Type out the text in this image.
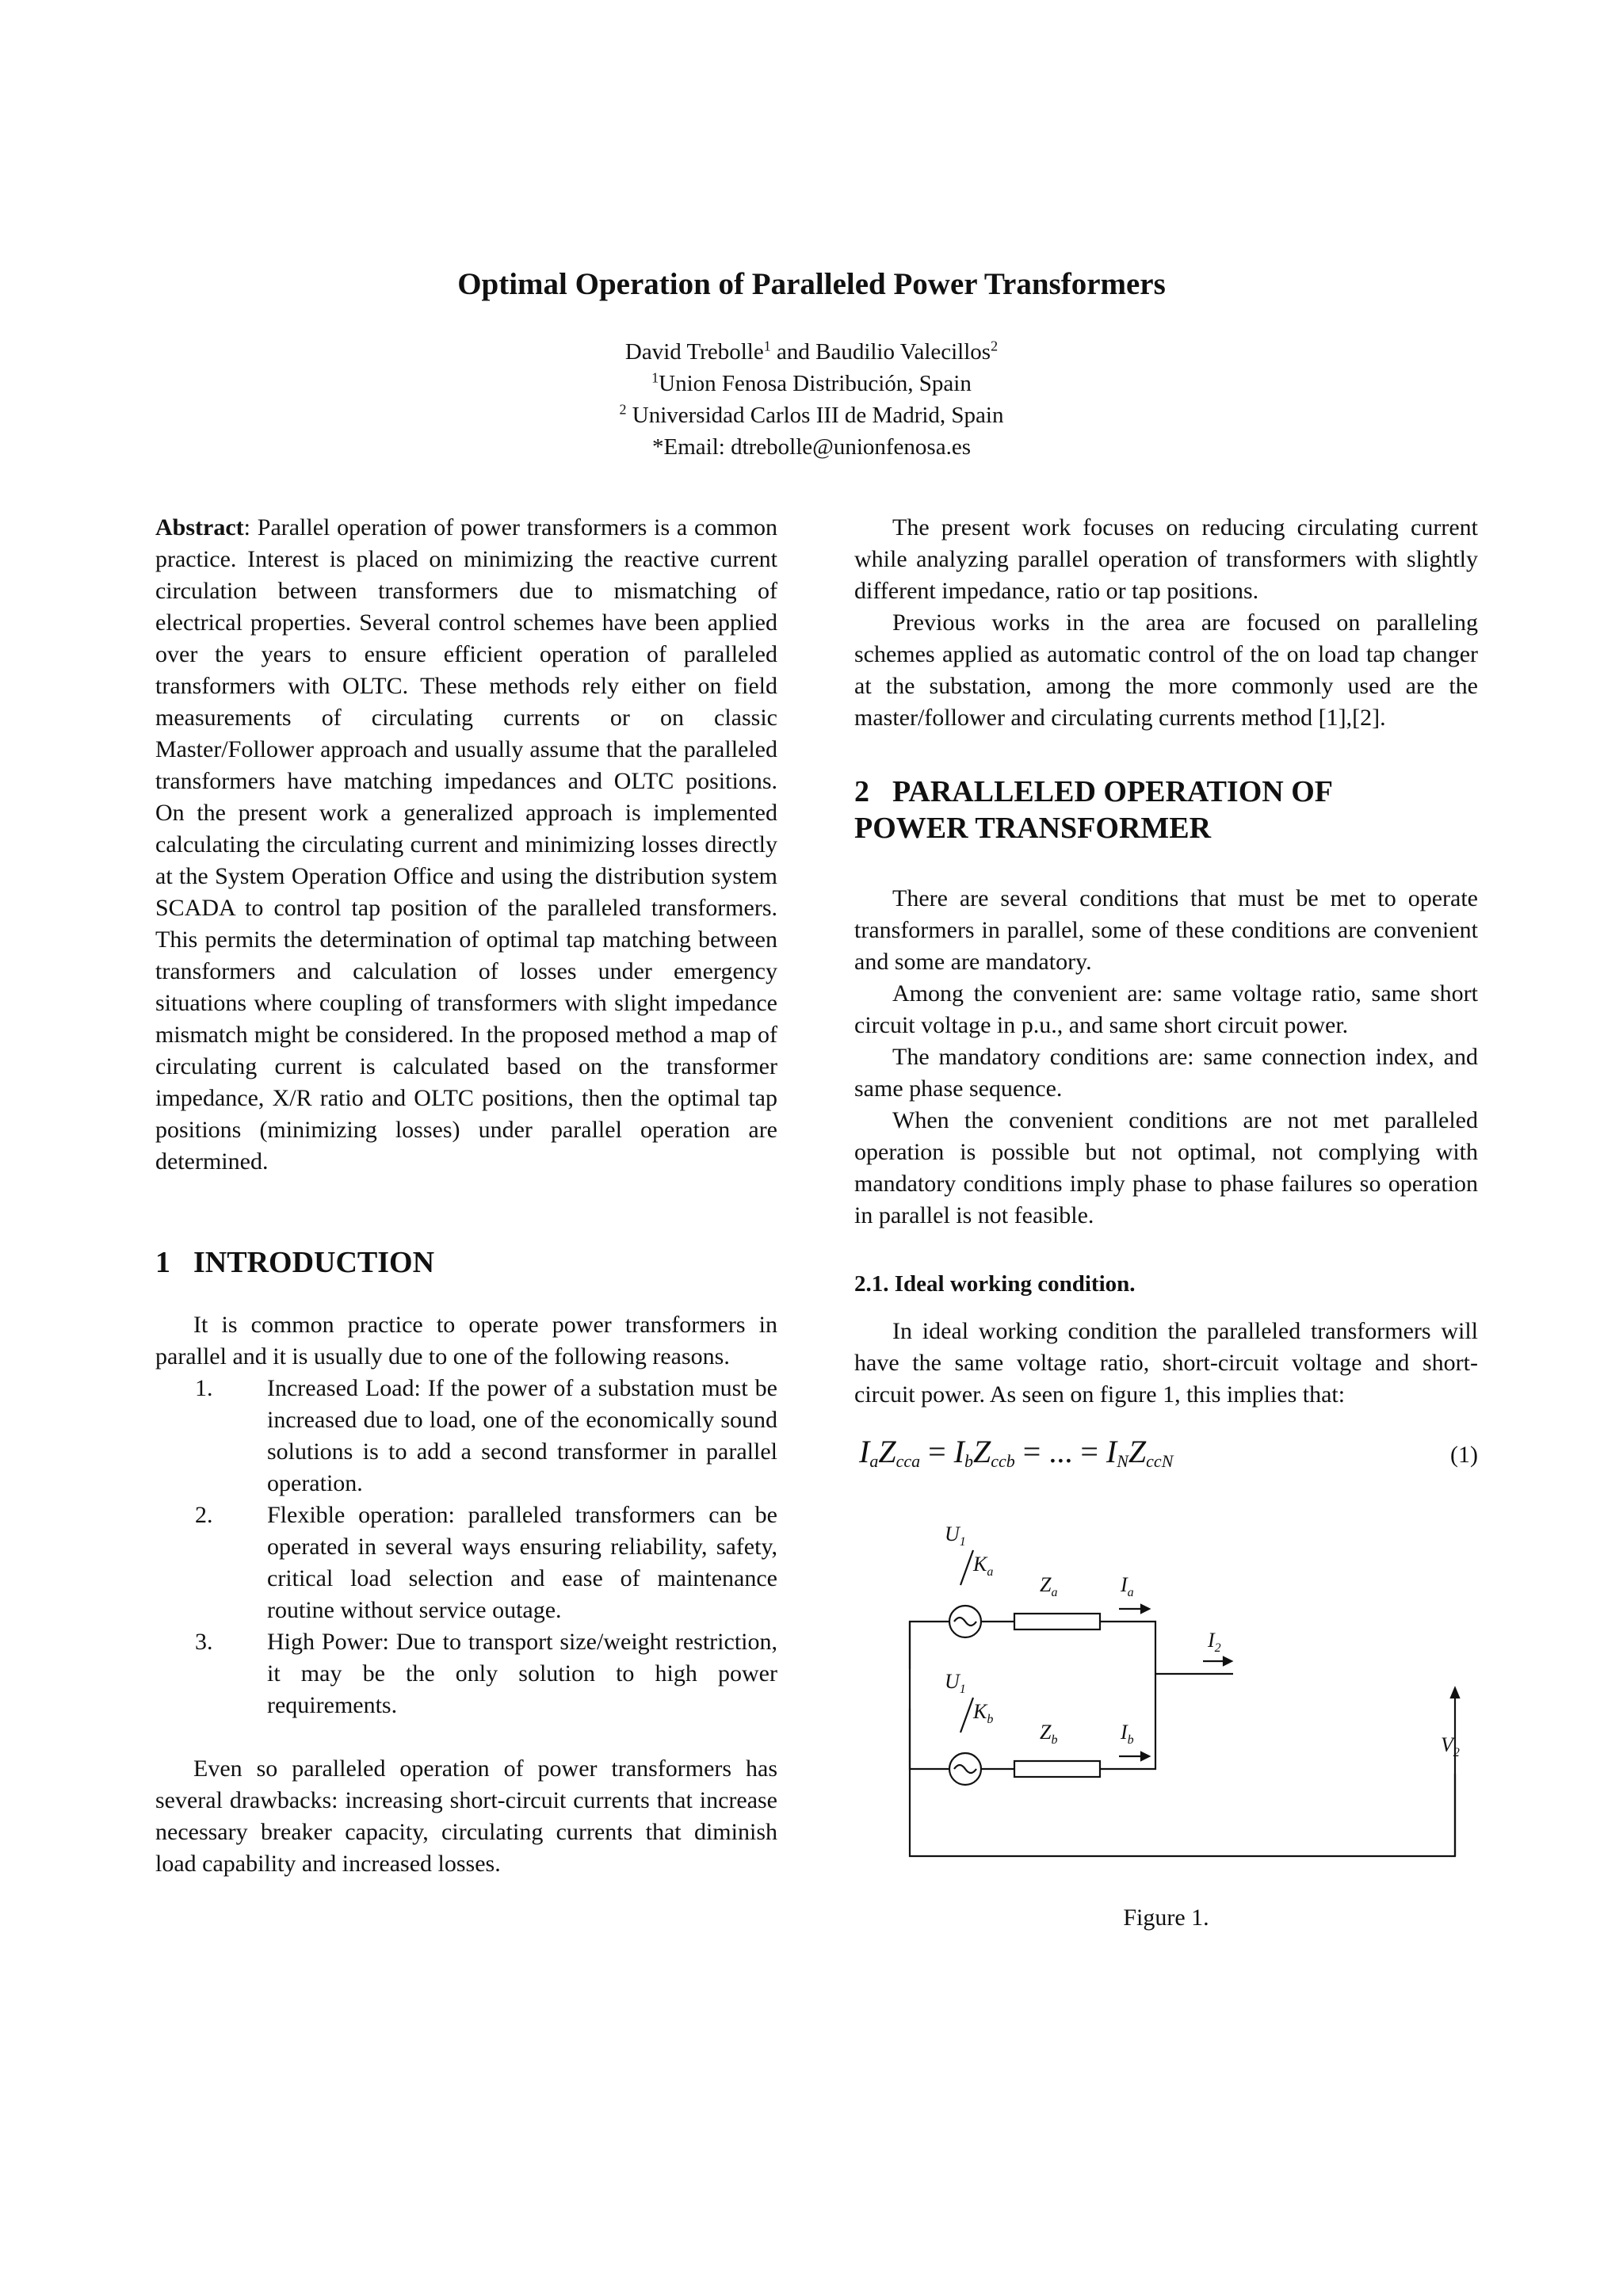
Optimal Operation of Paralleled Power Transformers
David Trebolle$^1$ and Baudilio Valecillos$^2$
$^1$Union Fenosa Distribución, Spain
$^2$ Universidad Carlos III de Madrid, Spain
*Email: dtrebolle@unionfenosa.es

Abstract: Parallel operation of power transformers is a common practice. Interest is placed on minimizing the reactive current circulation between transformers due to mismatching of electrical properties. Several control schemes have been applied over the years to ensure efficient operation of paralleled transformers with OLTC. These methods rely either on field measurements of circulating currents or on classic Master/Follower approach and usually assume that the paralleled transformers have matching impedances and OLTC positions. On the present work a generalized approach is implemented calculating the circulating current and minimizing losses directly at the System Operation Office and using the distribution system SCADA to control tap position of the paralleled transformers. This permits the determination of optimal tap matching between transformers and calculation of losses under emergency situations where coupling of transformers with slight impedance mismatch might be considered. In the proposed method a map of circulating current is calculated based on the transformer impedance, X/R ratio and OLTC positions, then the optimal tap positions (minimizing losses) under parallel operation are determined.

1 INTRODUCTION

It is common practice to operate power transformers in parallel and it is usually due to one of the following reasons.

1. Increased Load: If the power of a substation must be increased due to load, one of the economically sound solutions is to add a second transformer in parallel operation.
2. Flexible operation: paralleled transformers can be operated in several ways ensuring reliability, safety, critical load selection and ease of maintenance routine without service outage.
3. High Power: Due to transport size/weight restriction, it may be the only solution to high power requirements.

Even so paralleled operation of power transformers has several drawbacks: increasing short-circuit currents that increase necessary breaker capacity, circulating currents that diminish load capability and increased losses.

The present work focuses on reducing circulating current while analyzing parallel operation of transformers with slightly different impedance, ratio or tap positions.

Previous works in the area are focused on paralleling schemes applied as automatic control of the on load tap changer at the substation, among the more commonly used are the master/follower and circulating currents method [1],[2].

2 PARALLELED OPERATION OF
POWER TRANSFORMER

There are several conditions that must be met to operate transformers in parallel, some of these conditions are convenient and some are mandatory.

Among the convenient are: same voltage ratio, same short circuit voltage in p.u., and same short circuit power.

The mandatory conditions are: same connection index, and same phase sequence.

When the convenient conditions are not met paralleled operation is possible but not optimal, not complying with mandatory conditions imply phase to phase failures so operation in parallel is not feasible.

2.1. Ideal working condition.

In ideal working condition the paralleled transformers will have the same voltage ratio, short-circuit voltage and short-circuit power. As seen on figure 1, this implies that:

$I_aZ_{cca} = I_bZ_{ccb}$ = ... = $I_NZ_{ccN}$	(1)
$U_1$
$K_a$
$Z_a$	$I_a$
$U_1$
$K_b$
$Z_b$	$I_b$
$I_2$
$V_2$
Figure 1.
